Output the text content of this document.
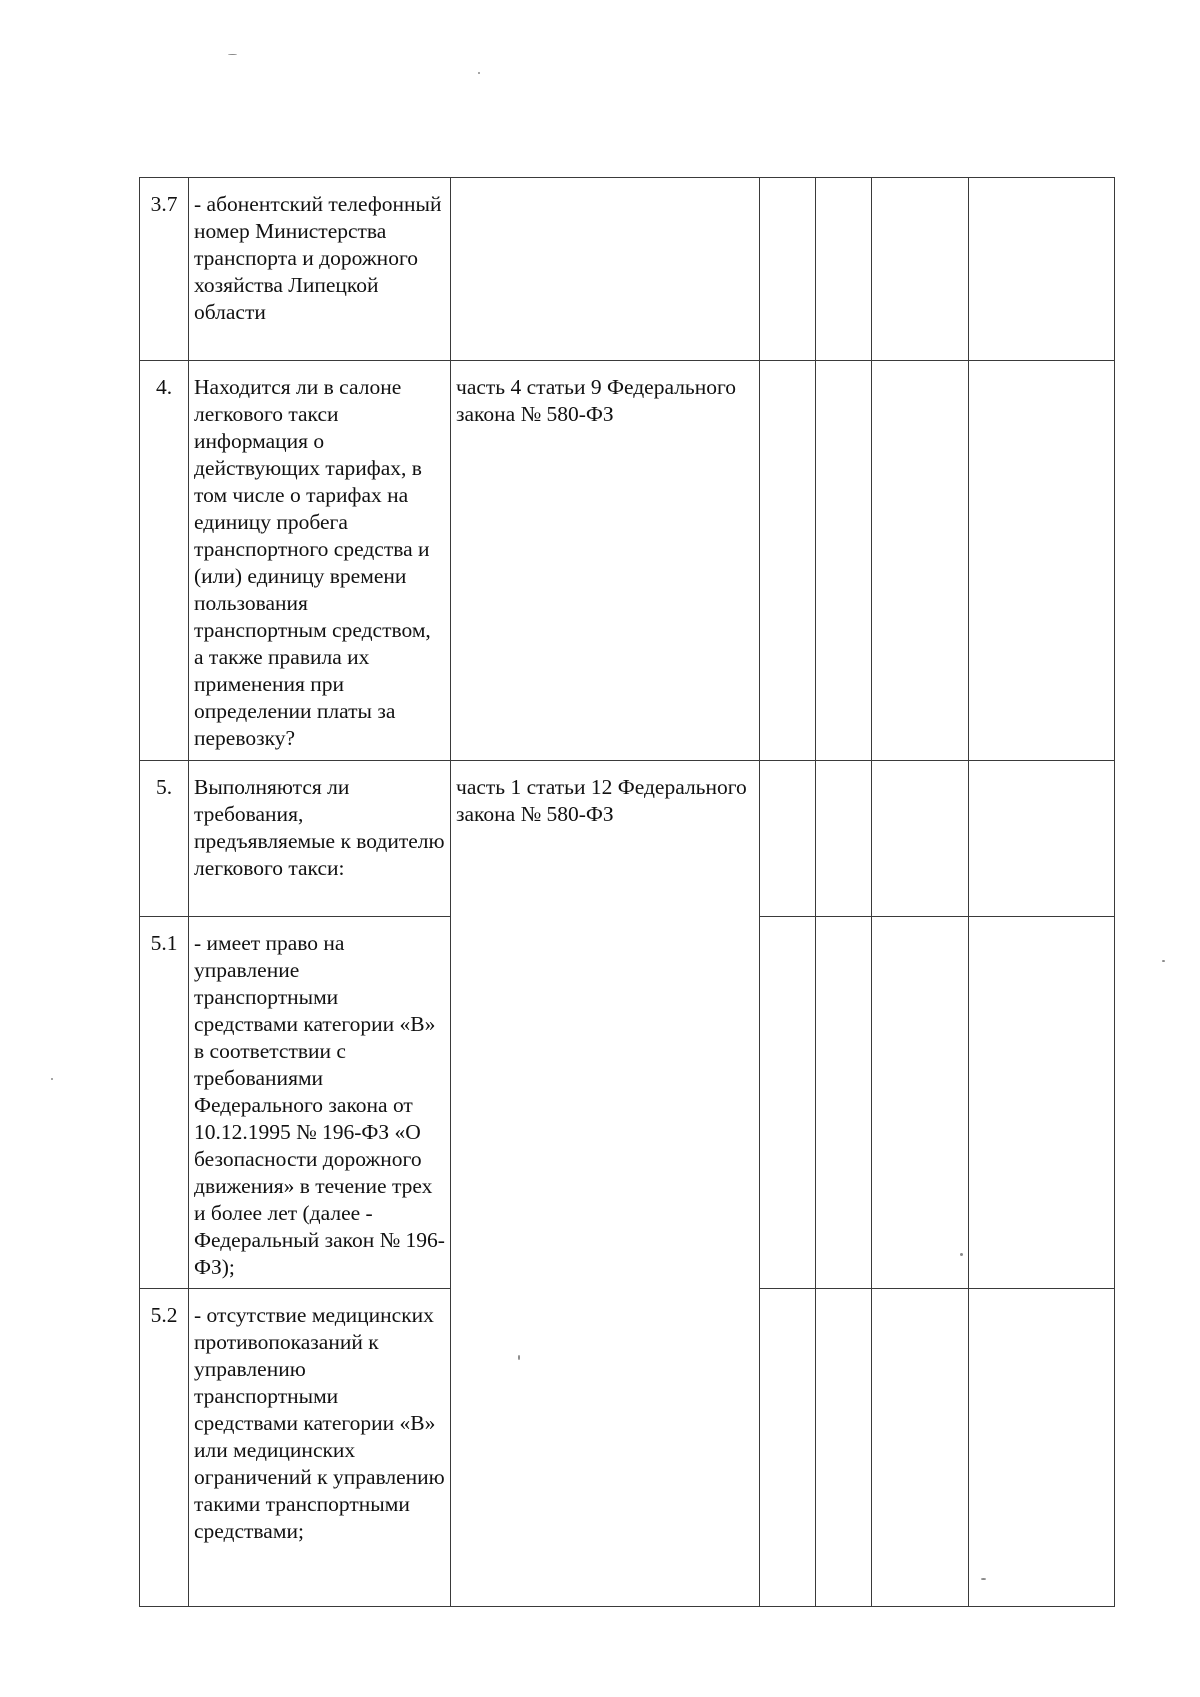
3.7	- абонентский телефонный номер Министерства транспорта и дорожного хозяйства Липецкой области					
4.	Находится ли в салоне легкового такси информация о действующих тарифах, в том числе о тарифах на единицу пробега транспортного средства и (или) единицу времени пользования транспортным средством, а также правила их применения при определении платы за перевозку?	часть 4 статьи 9 Федерального закона № 580-ФЗ				
5.	Выполняются ли требования, предъявляемые к водителю легкового такси:	часть 1 статьи 12 Федерального закона № 580-ФЗ				
5.1	- имеет право на управление транспортными средствами категории «В» в соответствии с требованиями Федерального закона от 10.12.1995 № 196-ФЗ «О безопасности дорожного движения» в течение трех и более лет (далее - Федеральный закон № 196-ФЗ);					
5.2	- отсутствие медицинских противопоказаний к управлению транспортными средствами категории «В» или медицинских ограничений к управлению такими транспортными средствами;					
